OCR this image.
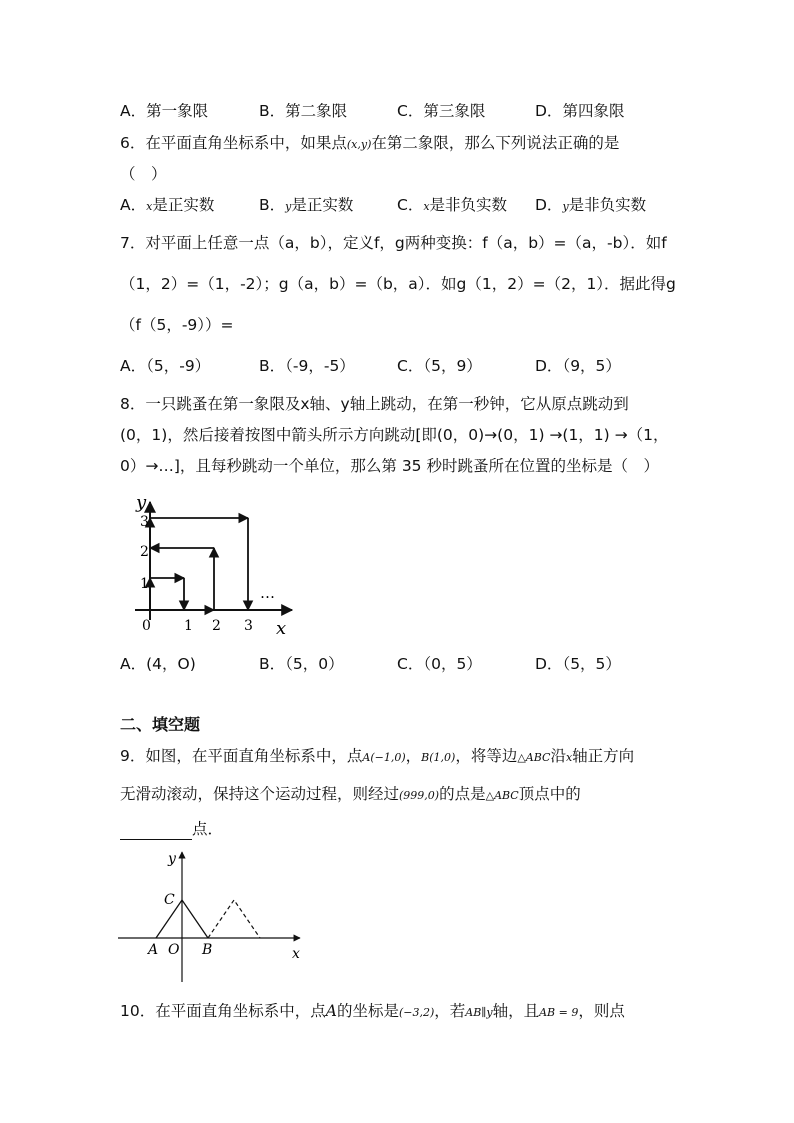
A．第一象限	B．第二象限	C．第三象限	D．第四象限
6．在平面直角坐标系中，如果点(x,y)在第二象限，那么下列说法正确的是
（　）
A．x是正实数	B．y是正实数	C．x是非负实数 D．y是非负实数
7．对平面上任意一点（a，b），定义f，g两种变换：f（a，b）=（a，-b）．如f
（1，2）=（1，-2）；g（a，b）=（b，a）．如g（1，2）=（2，1）．据此得g
（f（5，-9））=
A．（5，-9）	B．（-9，-5）	C．（5，9）	D．（9，5）
8．一只跳蚤在第一象限及x轴、y轴上跳动，在第一秒钟，它从原点跳动到
(0，1)，然后接着按图中箭头所示方向跳动[即(0，0)→(0，1) →(1，1) →（1，
0）→…]，且每秒跳动一个单位，那么第 35 秒时跳蚤所在位置的坐标是（　）
y
x
0 1 2 3
1
2
3
…
A．(4，O)	B．（5，0）	C．（0，5）	D．（5，5）
二、填空题
9．如图，在平面直角坐标系中，点A(−1,0)，B(1,0)，将等边△ABC沿x轴正方向
无滑动滚动，保持这个运动过程，则经过(999,0)的点是△ABC顶点中的
点．
y
x
C
A O B
10．在平面直角坐标系中，点A的坐标是(−3,2)，若AB∥y轴，且AB = 9，则点
